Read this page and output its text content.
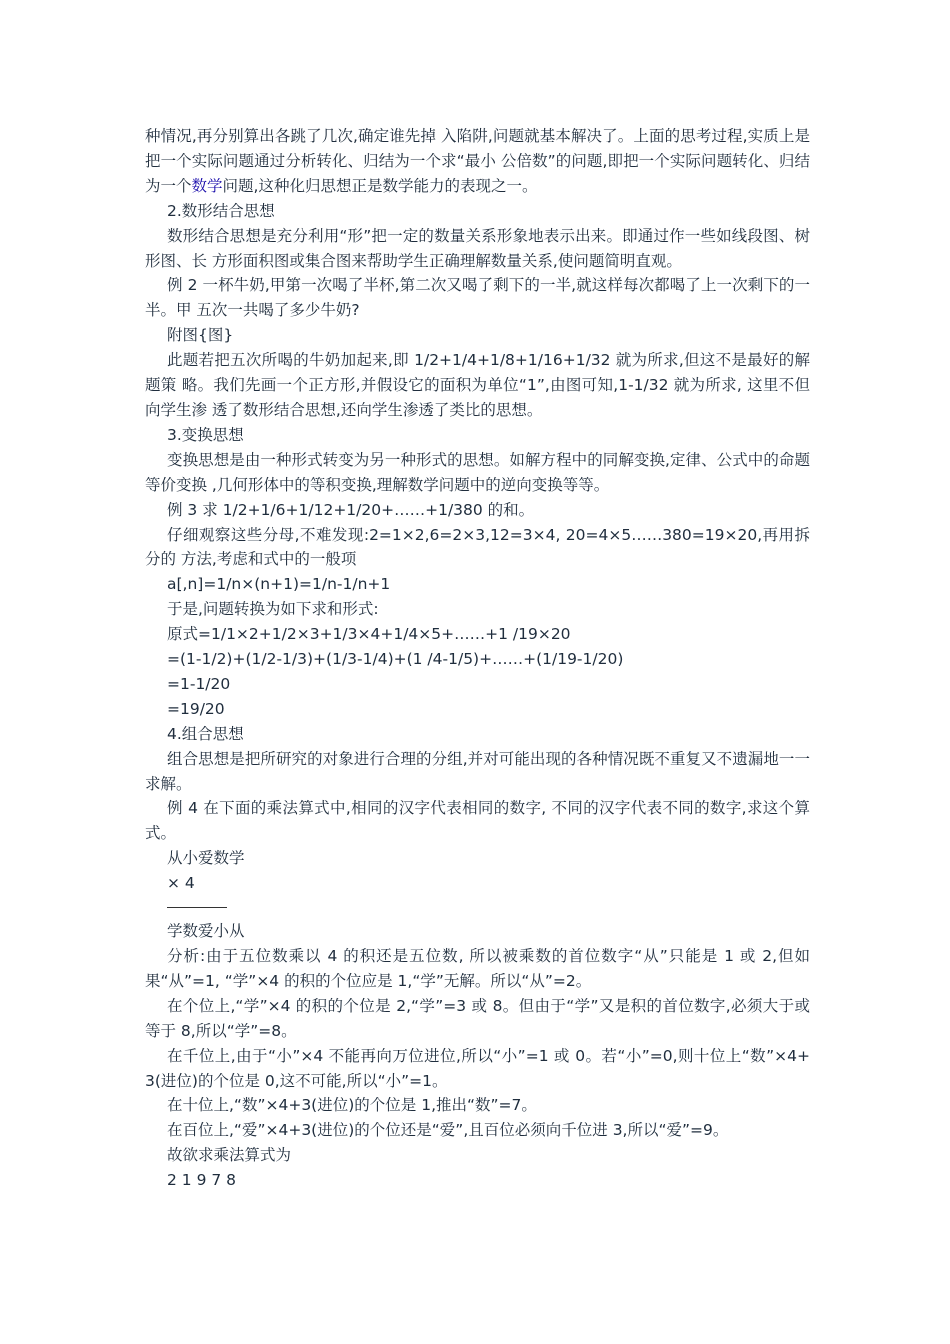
种情况,再分别算出各跳了几次,确定谁先掉 入陷阱,问题就基本解决了。上面的思考过程,实质上是把一个实际问题通过分析转化、归结为一个求“最小 公倍数”的问题,即把一个实际问题转化、归结为一个数学问题,这种化归思想正是数学能力的表现之一。

2.数形结合思想

数形结合思想是充分利用“形”把一定的数量关系形象地表示出来。即通过作一些如线段图、树形图、长 方形面积图或集合图来帮助学生正确理解数量关系,使问题简明直观。

例 2 一杯牛奶,甲第一次喝了半杯,第二次又喝了剩下的一半,就这样每次都喝了上一次剩下的一半。甲 五次一共喝了多少牛奶?

附图{图}

此题若把五次所喝的牛奶加起来,即 1/2+1/4+1/8+1/16+1/32 就为所求,但这不是最好的解题策 略。我们先画一个正方形,并假设它的面积为单位“1”,由图可知,1-1/32 就为所求, 这里不但向学生渗 透了数形结合思想,还向学生渗透了类比的思想。

3.变换思想

变换思想是由一种形式转变为另一种形式的思想。如解方程中的同解变换,定律、公式中的命题等价变换 ,几何形体中的等积变换,理解数学问题中的逆向变换等等。

例 3 求 1/2+1/6+1/12+1/20+……+1/380 的和。

仔细观察这些分母,不难发现:2=1×2,6=2×3,12=3×4, 20=4×5……380=19×20,再用拆分的 方法,考虑和式中的一般项

a[,n]=1/n×(n+1)=1/n-1/n+1

于是,问题转换为如下求和形式:

原式=1/1×2+1/2×3+1/3×4+1/4×5+……+1 /19×20

=(1-1/2)+(1/2-1/3)+(1/3-1/4)+(1 /4-1/5)+……+(1/19-1/20)

=1-1/20

=19/20

4.组合思想

组合思想是把所研究的对象进行合理的分组,并对可能出现的各种情况既不重复又不遗漏地一一求解。

例 4 在下面的乘法算式中,相同的汉字代表相同的数字, 不同的汉字代表不同的数字,求这个算式。

从小爱数学

× 4

学数爱小从

分析:由于五位数乘以 4 的积还是五位数, 所以被乘数的首位数字“从”只能是 1 或 2,但如果“从”=1, “学”×4 的积的个位应是 1,“学”无解。所以“从”=2。

在个位上,“学”×4 的积的个位是 2,“学”=3 或 8。但由于“学”又是积的首位数字,必须大于或等于 8,所以“学”=8。

在千位上,由于“小”×4 不能再向万位进位,所以“小”=1 或 0。若“小”=0,则十位上“数”×4+ 3(进位)的个位是 0,这不可能,所以“小”=1。

在十位上,“数”×4+3(进位)的个位是 1,推出“数”=7。

在百位上,“爱”×4+3(进位)的个位还是“爱”,且百位必须向千位进 3,所以“爱”=9。

故欲求乘法算式为

2 1 9 7 8
